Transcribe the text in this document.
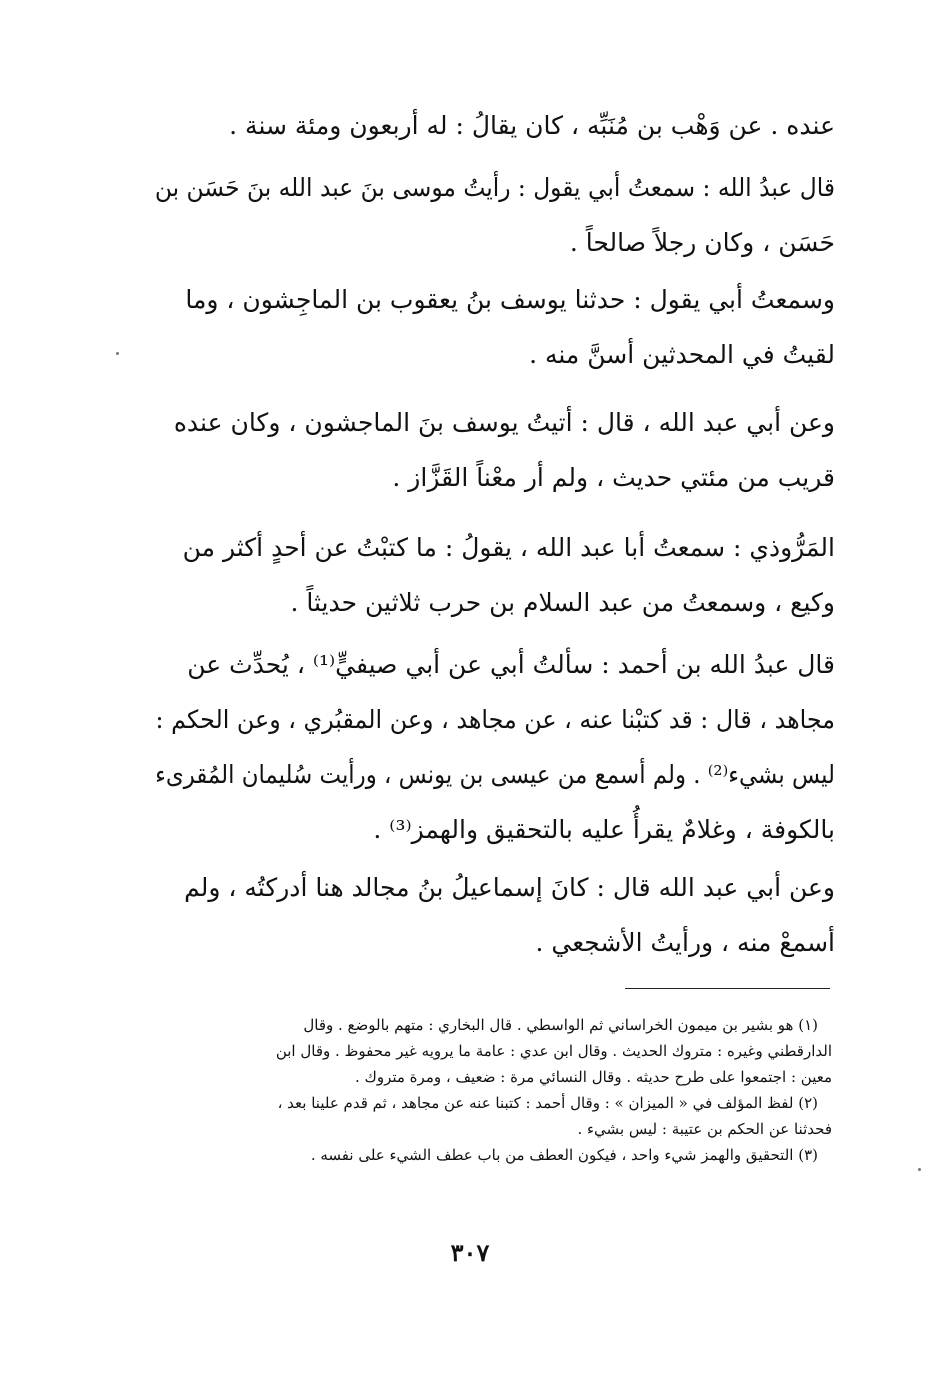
عنده . عن وَهْب بن مُنَبِّه ، كان يقالُ : له أربعون ومئة سنة .
قال عبدُ الله : سمعتُ أبي يقول : رأيتُ موسى بنَ عبد الله بنَ حَسَن بن
حَسَن ، وكان رجلاً صالحاً .
وسمعتُ أبي يقول : حدثنا يوسف بنُ يعقوب بن الماجِشون ، وما
لقيتُ في المحدثين أسنَّ منه .
وعن أبي عبد الله ، قال : أتيتُ يوسف بنَ الماجشون ، وكان عنده
قريب من مئتي حديث ، ولم أر معْناً القَزَّاز .
المَرُّوذي : سمعتُ أبا عبد الله ، يقولُ : ما كتبْتُ عن أحدٍ أكثر من
وكيع ، وسمعتُ من عبد السلام بن حرب ثلاثين حديثاً .
قال عبدُ الله بن أحمد : سألتُ أبي عن أبي صيفيٍّ⁽¹⁾ ، يُحدِّث عن
مجاهد ، قال : قد كتبْنا عنه ، عن مجاهد ، وعن المقبُري ، وعن الحكم :
ليس بشيء⁽²⁾ . ولم أسمع من عيسى بن يونس ، ورأيت سُليمان المُقرىء
بالكوفة ، وغلامٌ يقرأُ عليه بالتحقيق والهمز⁽³⁾ .
وعن أبي عبد الله قال : كانَ إسماعيلُ بنُ مجالد هنا أدركتُه ، ولم
أسمعْ منه ، ورأيتُ الأشجعي .
(١) هو بشير بن ميمون الخراساني ثم الواسطي . قال البخاري : متهم بالوضع . وقال
الدارقطني وغيره : متروك الحديث . وقال ابن عدي : عامة ما يرويه غير محفوظ . وقال ابن
معين : اجتمعوا على طرح حديثه . وقال النسائي مرة : ضعيف ، ومرة متروك .
(٢) لفظ المؤلف في « الميزان » : وقال أحمد : كتبنا عنه عن مجاهد ، ثم قدم علينا بعد ،
فحدثنا عن الحكم بن عتيبة : ليس بشيء .
(٣) التحقيق والهمز شيء واحد ، فيكون العطف من باب عطف الشيء على نفسه .
٣٠٧
